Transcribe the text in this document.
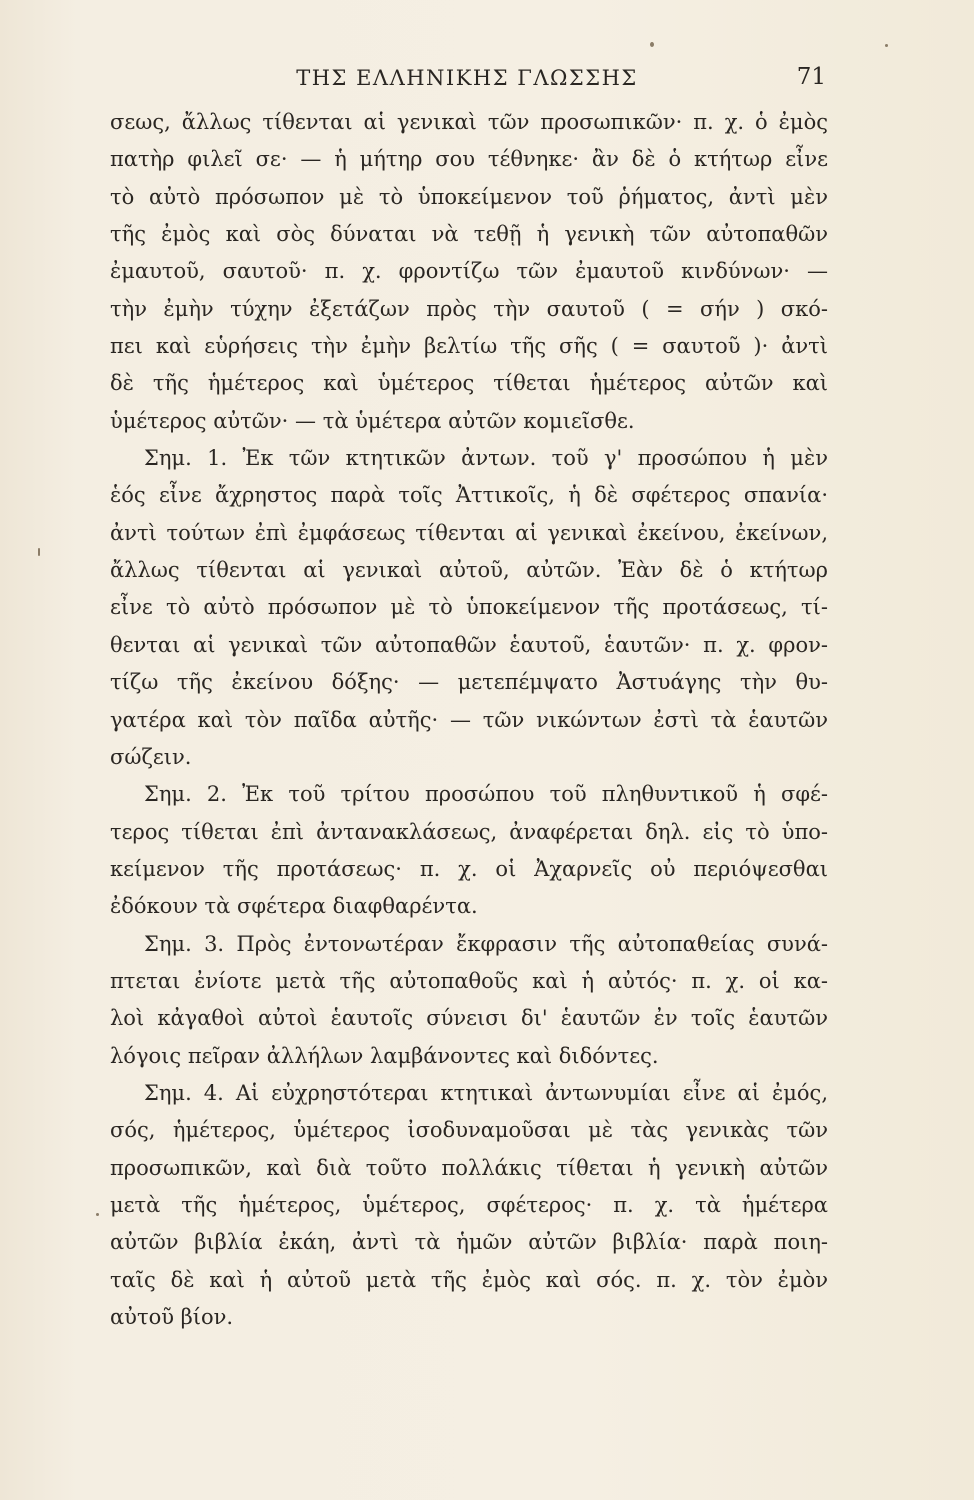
ΤΗΣ ΕΛΛΗΝΙΚΗΣ ΓΛΩΣΣΗΣ	71
σεως, ἄλλως τίθενται αἱ γενικαὶ τῶν προσωπικῶν· π. χ. ὁ ἐμὸς
πατὴρ φιλεῖ σε· — ἡ μήτηρ σου τέθνηκε· ἂν δὲ ὁ κτήτωρ εἶνε
τὸ αὐτὸ πρόσωπον μὲ τὸ ὑποκείμενον τοῦ ῥήματος, ἀντὶ μὲν
τῆς ἐμὸς καὶ σὸς δύναται νὰ τεθῇ ἡ γενικὴ τῶν αὐτοπαθῶν
ἐμαυτοῦ, σαυτοῦ· π. χ. φροντίζω τῶν ἐμαυτοῦ κινδύνων· —
τὴν ἐμὴν τύχην ἐξετάζων πρὸς τὴν σαυτοῦ ( = σήν ) σκό-
πει καὶ εὑρήσεις τὴν ἐμὴν βελτίω τῆς σῆς ( = σαυτοῦ )· ἀντὶ
δὲ τῆς ἡμέτερος καὶ ὑμέτερος τίθεται ἡμέτερος αὐτῶν καὶ
ὑμέτερος αὐτῶν· — τὰ ὑμέτερα αὐτῶν κομιεῖσθε.
Σημ. 1. Ἐκ τῶν κτητικῶν ἀντων. τοῦ γ' προσώπου ἡ μὲν
ἑός εἶνε ἄχρηστος παρὰ τοῖς Ἀττικοῖς, ἡ δὲ σφέτερος σπανία·
ἀντὶ τούτων ἐπὶ ἐμφάσεως τίθενται αἱ γενικαὶ ἐκείνου, ἐκείνων,
ἄλλως τίθενται αἱ γενικαὶ αὐτοῦ, αὐτῶν. Ἐὰν δὲ ὁ κτήτωρ
εἶνε τὸ αὐτὸ πρόσωπον μὲ τὸ ὑποκείμενον τῆς προτάσεως, τί-
θενται αἱ γενικαὶ τῶν αὐτοπαθῶν ἑαυτοῦ, ἑαυτῶν· π. χ. φρον-
τίζω τῆς ἐκείνου δόξης· — μετεπέμψατο Ἀστυάγης τὴν θυ-
γατέρα καὶ τὸν παῖδα αὐτῆς· — τῶν νικώντων ἐστὶ τὰ ἑαυτῶν
σώζειν.
Σημ. 2. Ἐκ τοῦ τρίτου προσώπου τοῦ πληθυντικοῦ ἡ σφέ-
τερος τίθεται ἐπὶ ἀντανακλάσεως, ἀναφέρεται δηλ. εἰς τὸ ὑπο-
κείμενον τῆς προτάσεως· π. χ. οἱ Ἀχαρνεῖς οὐ περιόψεσθαι
ἐδόκουν τὰ σφέτερα διαφθαρέντα.
Σημ. 3. Πρὸς ἐντονωτέραν ἔκφρασιν τῆς αὐτοπαθείας συνά-
πτεται ἐνίοτε μετὰ τῆς αὐτοπαθοῦς καὶ ἡ αὐτός· π. χ. οἱ κα-
λοὶ κἀγαθοὶ αὐτοὶ ἑαυτοῖς σύνεισι δι' ἑαυτῶν ἐν τοῖς ἑαυτῶν
λόγοις πεῖραν ἀλλήλων λαμβάνοντες καὶ διδόντες.
Σημ. 4. Αἱ εὐχρηστότεραι κτητικαὶ ἀντωνυμίαι εἶνε αἱ ἐμός,
σός, ἡμέτερος, ὑμέτερος ἰσοδυναμοῦσαι μὲ τὰς γενικὰς τῶν
προσωπικῶν, καὶ διὰ τοῦτο πολλάκις τίθεται ἡ γενικὴ αὐτῶν
μετὰ τῆς ἡμέτερος, ὑμέτερος, σφέτερος· π. χ. τὰ ἡμέτερα
αὐτῶν βιβλία ἐκάη, ἀντὶ τὰ ἡμῶν αὐτῶν βιβλία· παρὰ ποιη-
ταῖς δὲ καὶ ἡ αὐτοῦ μετὰ τῆς ἐμὸς καὶ σός. π. χ. τὸν ἐμὸν
αὐτοῦ βίον.
